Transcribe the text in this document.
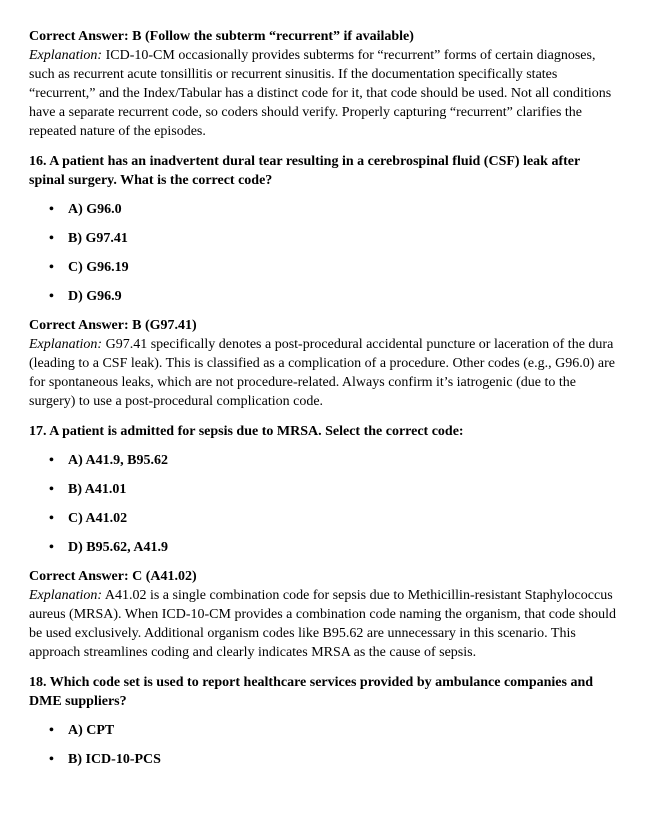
Correct Answer: B (Follow the subterm “recurrent” if available)
Explanation: ICD-10-CM occasionally provides subterms for “recurrent” forms of certain diagnoses, such as recurrent acute tonsillitis or recurrent sinusitis. If the documentation specifically states “recurrent,” and the Index/Tabular has a distinct code for it, that code should be used. Not all conditions have a separate recurrent code, so coders should verify. Properly capturing “recurrent” clarifies the repeated nature of the episodes.

16. A patient has an inadvertent dural tear resulting in a cerebrospinal fluid (CSF) leak after spinal surgery. What is the correct code?

• A) G96.0
• B) G97.41
• C) G96.19
• D) G96.9

Correct Answer: B (G97.41)
Explanation: G97.41 specifically denotes a post-procedural accidental puncture or laceration of the dura (leading to a CSF leak). This is classified as a complication of a procedure. Other codes (e.g., G96.0) are for spontaneous leaks, which are not procedure-related. Always confirm it’s iatrogenic (due to the surgery) to use a post-procedural complication code.

17. A patient is admitted for sepsis due to MRSA. Select the correct code:

• A) A41.9, B95.62
• B) A41.01
• C) A41.02
• D) B95.62, A41.9

Correct Answer: C (A41.02)
Explanation: A41.02 is a single combination code for sepsis due to Methicillin-resistant Staphylococcus aureus (MRSA). When ICD-10-CM provides a combination code naming the organism, that code should be used exclusively. Additional organism codes like B95.62 are unnecessary in this scenario. This approach streamlines coding and clearly indicates MRSA as the cause of sepsis.

18. Which code set is used to report healthcare services provided by ambulance companies and DME suppliers?

• A) CPT
• B) ICD-10-PCS
